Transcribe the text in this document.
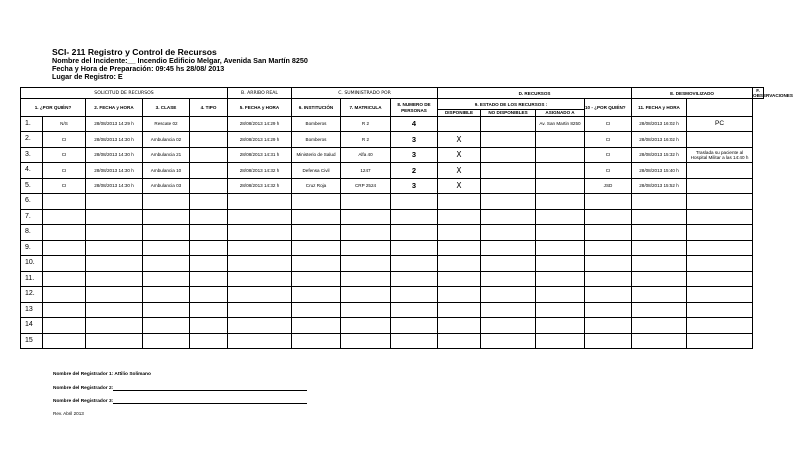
SCI- 211 Registro y Control de Recursos
Nombre del Incidente:__ Incendio Edificio Melgar, Avenida San Martín 8250
Fecha y Hora de Preparación: 09:45 hs 28/08/ 2013
Lugar de Registro: E
SOLICITUD DE RECURSOS					B. ARRIBO REAL	C. SUMINISTRADO POR			D. RECURSOS				E. DESMOVILIZADO		F. OBSERVACIONES
1. ¿POR QUIÉN?		2. FECHA y HORA	3. CLASE	4. TIPO	5. FECHA y HORA	6. INSTITUCIÓN	7. MATRICULA	8. NUMERO DE PERSONAS	9. ESTADO DE LOS RECURSOS :			10 - ¿POR QUIÉN?	11. FECHA y HORA		
									DISPONIBLE	NO DISPONIBLES	ASIGNADO A				
1.	N/S	28/08/2013 14:29 h	Rescate 02		28/08/2013 14:29 h	Bomberos	R 2	4			Av. San Martin 8250	CI	28/08/2013 16:02 h	PC	
2.	CI	28/08/2013 14:30 h	Ambulancia 02		28/08/2013 14:29 h	Bomberos	R 2	3	X			CI	28/08/2013 16:02 h		
3.	CI	28/08/2013 14:30 h	Ambulancia 21		28/08/2013 14:31 h	Ministerio de Salud	Alfa 40	3	X			CI	28/08/2013 15:32 h	Traslada su paciente al Hospital Militar a las 14:40 h	
4.	CI	28/08/2013 14:30 h	Ambulancia 10		28/08/2013 14:32 h	Defensa Civil	1247	2	X			CI	28/08/2013 15:40 h		
5.	CI	28/08/2013 14:30 h	Ambulancia 03		28/08/2013 14:32 h	Cruz Roja	CRP 2524	3	X			JSD	28/08/2013 15:52 h		
6.															
7.															
8.															
9.															
10.															
11.															
12.															
13															
14															
15															
Nombre del Registrador 1: Attilio Solimano
Nombre del Registrador 2:
Nombre del Registrador 3:
Rev. Abril 2013
